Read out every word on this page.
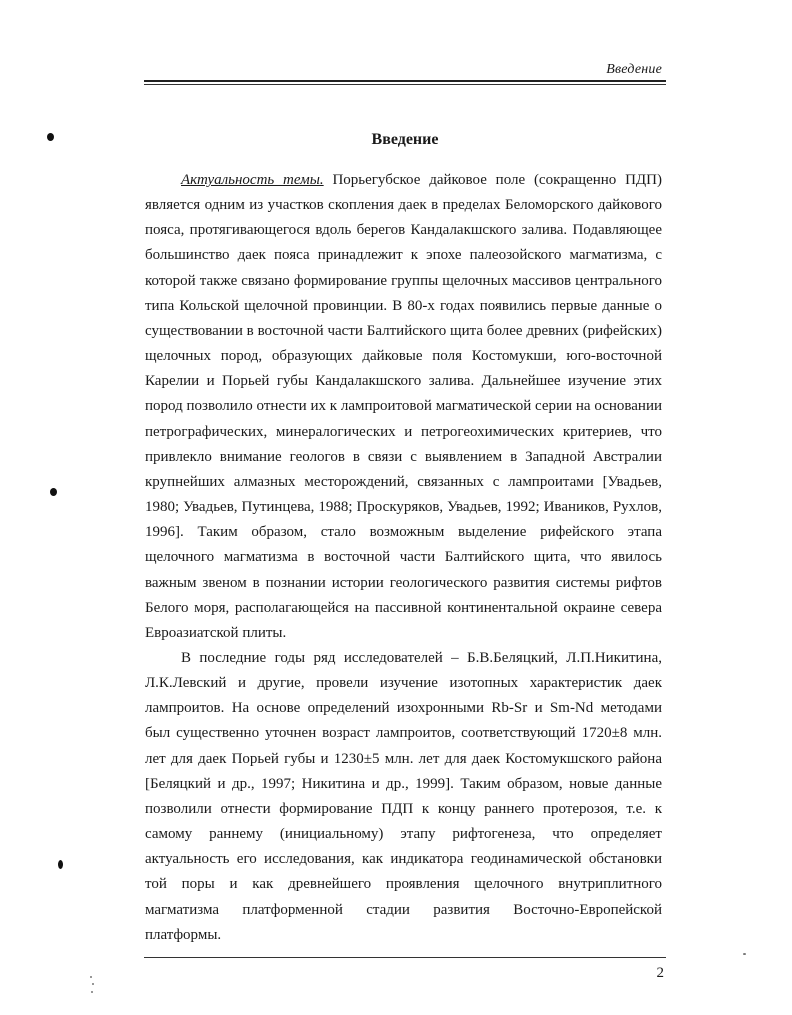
Введение
Введение

Актуальность темы. Порьегубское дайковое поле (сокращенно ПДП) является одним из участков скопления даек в пределах Беломорского дайкового пояса, протягивающегося вдоль берегов Кандалакшского залива. Подавляющее большинство даек пояса принадлежит к эпохе палеозойского магматизма, с которой также связано формирование группы щелочных массивов центрального типа Кольской щелочной провинции. В 80-х годах появились первые данные о существовании в восточной части Балтийского щита более древних (рифейских) щелочных пород, образующих дайковые поля Костомукши, юго-восточной Карелии и Порьей губы Кандалакшского залива. Дальнейшее изучение этих пород позволило отнести их к лампроитовой магматической серии на основании петрографических, минералогических и петрогеохимических критериев, что привлекло внимание геологов в связи с выявлением в Западной Австралии крупнейших алмазных месторождений, связанных с лампроитами [Увадьев, 1980; Увадьев, Путинцева, 1988; Проскуряков, Увадьев, 1992; Иваников, Рухлов, 1996]. Таким образом, стало возможным выделение рифейского этапа щелочного магматизма в восточной части Балтийского щита, что явилось важным звеном в познании истории геологического развития системы рифтов Белого моря, располагающейся на пассивной континентальной окраине севера Евроазиатской плиты.

В последние годы ряд исследователей – Б.В.Беляцкий, Л.П.Никитина, Л.К.Левский и другие, провели изучение изотопных характеристик даек лампроитов. На основе определений изохронными Rb-Sr и Sm-Nd методами был существенно уточнен возраст лампроитов, соответствующий 1720±8 млн. лет для даек Порьей губы и 1230±5 млн. лет для даек Костомукшского района [Беляцкий и др., 1997; Никитина и др., 1999]. Таким образом, новые данные позволили отнести формирование ПДП к концу раннего протерозоя, т.е. к самому раннему (инициальному) этапу рифтогенеза, что определяет актуальность его исследования, как индикатора геодинамической обстановки той поры и как древнейшего проявления щелочного внутриплитного магматизма платформенной стадии развития Восточно-Европейской платформы.

2
